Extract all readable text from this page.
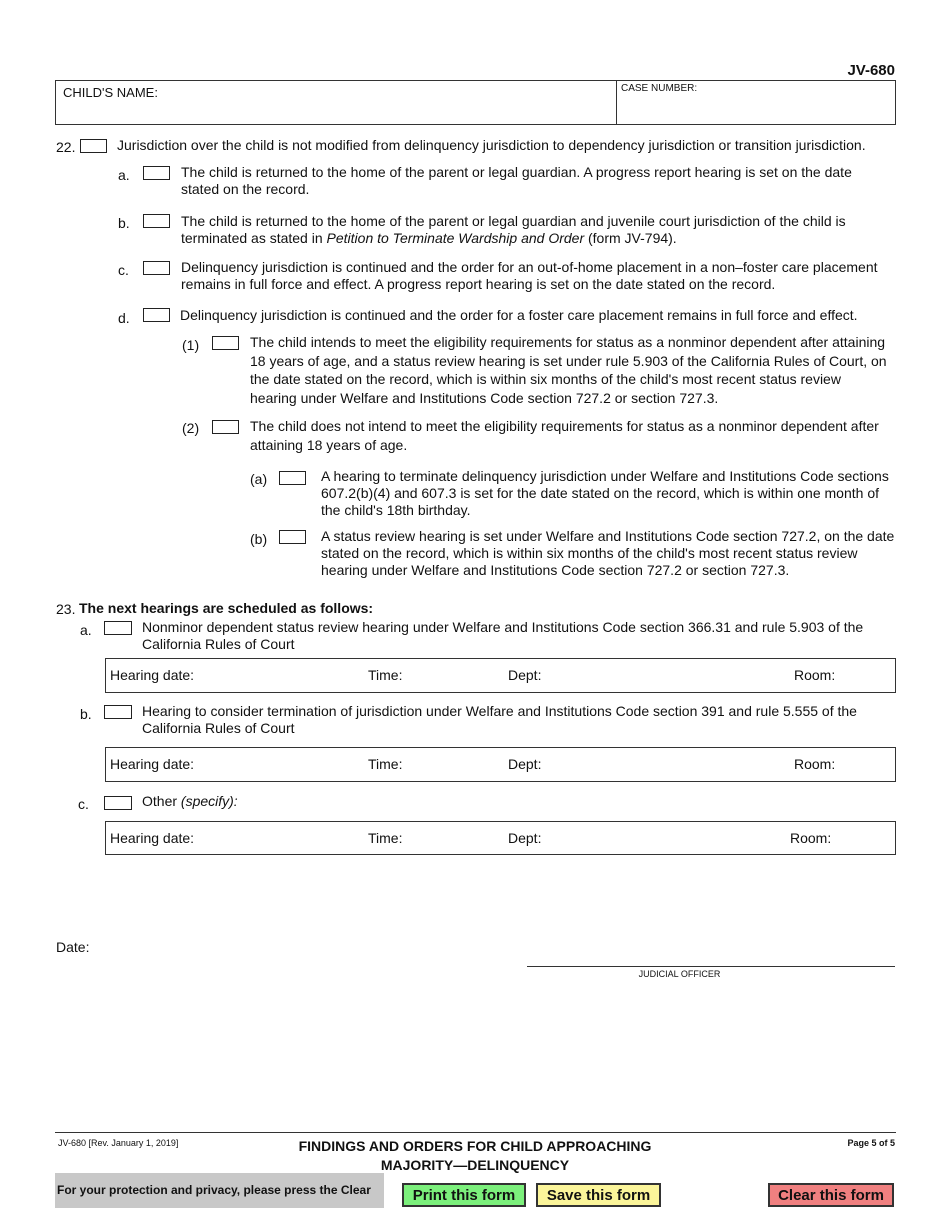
JV-680
CHILD'S NAME:	CASE NUMBER:
22.	Jurisdiction over the child is not modified from delinquency jurisdiction to dependency jurisdiction or transition jurisdiction.
a.	The child is returned to the home of the parent or legal guardian. A progress report hearing is set on the date stated on the record.
b.	The child is returned to the home of the parent or legal guardian and juvenile court jurisdiction of the child is terminated as stated in Petition to Terminate Wardship and Order (form JV-794).
c.	Delinquency jurisdiction is continued and the order for an out-of-home placement in a non–foster care placement remains in full force and effect. A progress report hearing is set on the date stated on the record.
d.	Delinquency jurisdiction is continued and the order for a foster care placement remains in full force and effect.
(1)	The child intends to meet the eligibility requirements for status as a nonminor dependent after attaining 18 years of age, and a status review hearing is set under rule 5.903 of the California Rules of Court, on the date stated on the record, which is within six months of the child's most recent status review hearing under Welfare and Institutions Code section 727.2 or section 727.3.
(2)	The child does not intend to meet the eligibility requirements for status as a nonminor dependent after attaining 18 years of age.
(a)	A hearing to terminate delinquency jurisdiction under Welfare and Institutions Code sections 607.2(b)(4) and 607.3 is set for the date stated on the record, which is within one month of the child's 18th birthday.
(b)	A status review hearing is set under Welfare and Institutions Code section 727.2, on the date stated on the record, which is within six months of the child's most recent status review hearing under Welfare and Institutions Code section 727.2 or section 727.3.
23. The next hearings are scheduled as follows:
a.	Nonminor dependent status review hearing under Welfare and Institutions Code section 366.31 and rule 5.903 of the California Rules of Court
Hearing date:	Time:	Dept:	Room:
b.	Hearing to consider termination of jurisdiction under Welfare and Institutions Code section 391 and rule 5.555 of the California Rules of Court
Hearing date:	Time:	Dept:	Room:
c.	Other (specify):
Hearing date:	Time:	Dept:	Room:
Date:
JUDICIAL OFFICER
JV-680 [Rev. January 1, 2019]	FINDINGS AND ORDERS FOR CHILD APPROACHING
MAJORITY—DELINQUENCY
Page 5 of 5
For your protection and privacy, please press the Clear	Print this form	Save this form	Clear this form
